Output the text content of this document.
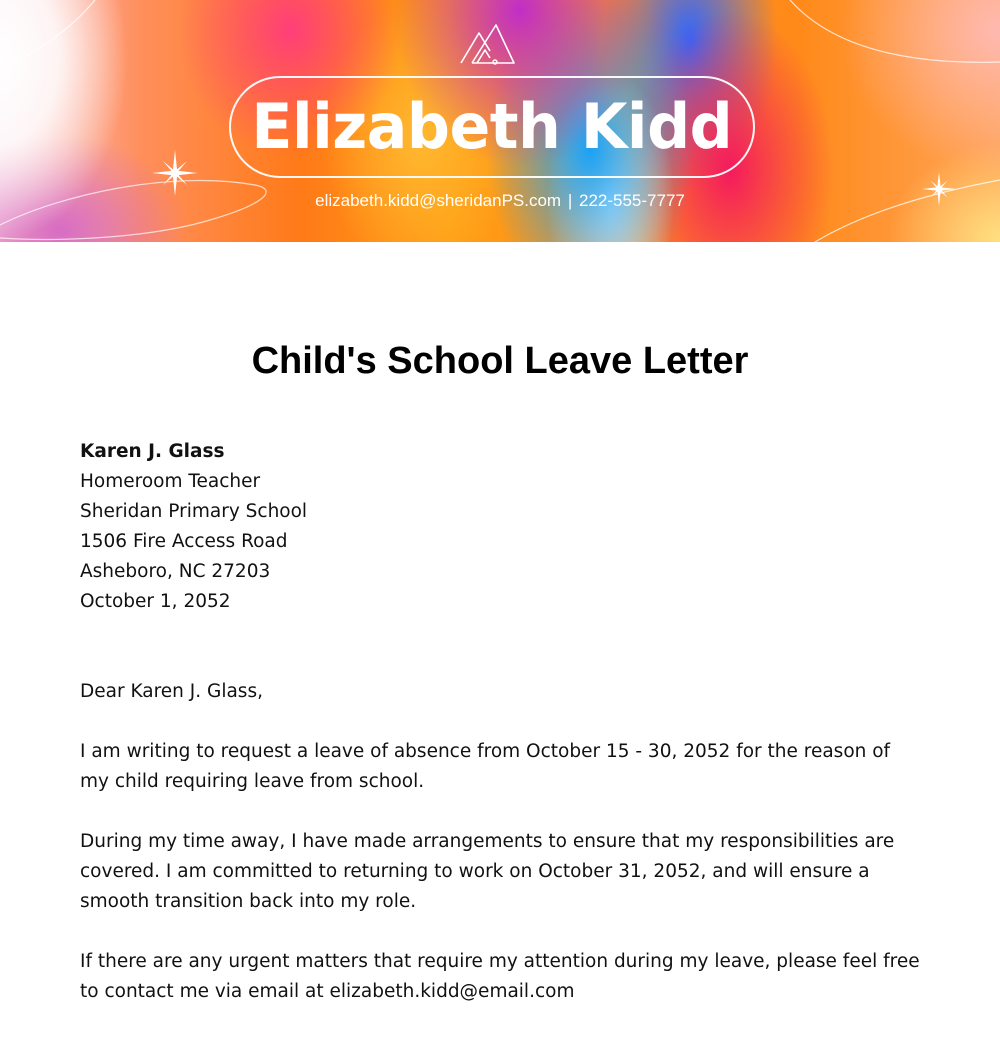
Elizabeth Kidd
elizabeth.kidd@sheridanPS.com | 222-555-7777
Child's School Leave Letter
Karen J. Glass
Homeroom Teacher
Sheridan Primary School
1506 Fire Access Road
Asheboro, NC 27203
October 1, 2052

Dear Karen J. Glass,

I am writing to request a leave of absence from October 15 - 30, 2052 for the reason of my child requiring leave from school.

During my time away, I have made arrangements to ensure that my responsibilities are covered. I am committed to returning to work on October 31, 2052, and will ensure a smooth transition back into my role.

If there are any urgent matters that require my attention during my leave, please feel free to contact me via email at elizabeth.kidd@email.com
